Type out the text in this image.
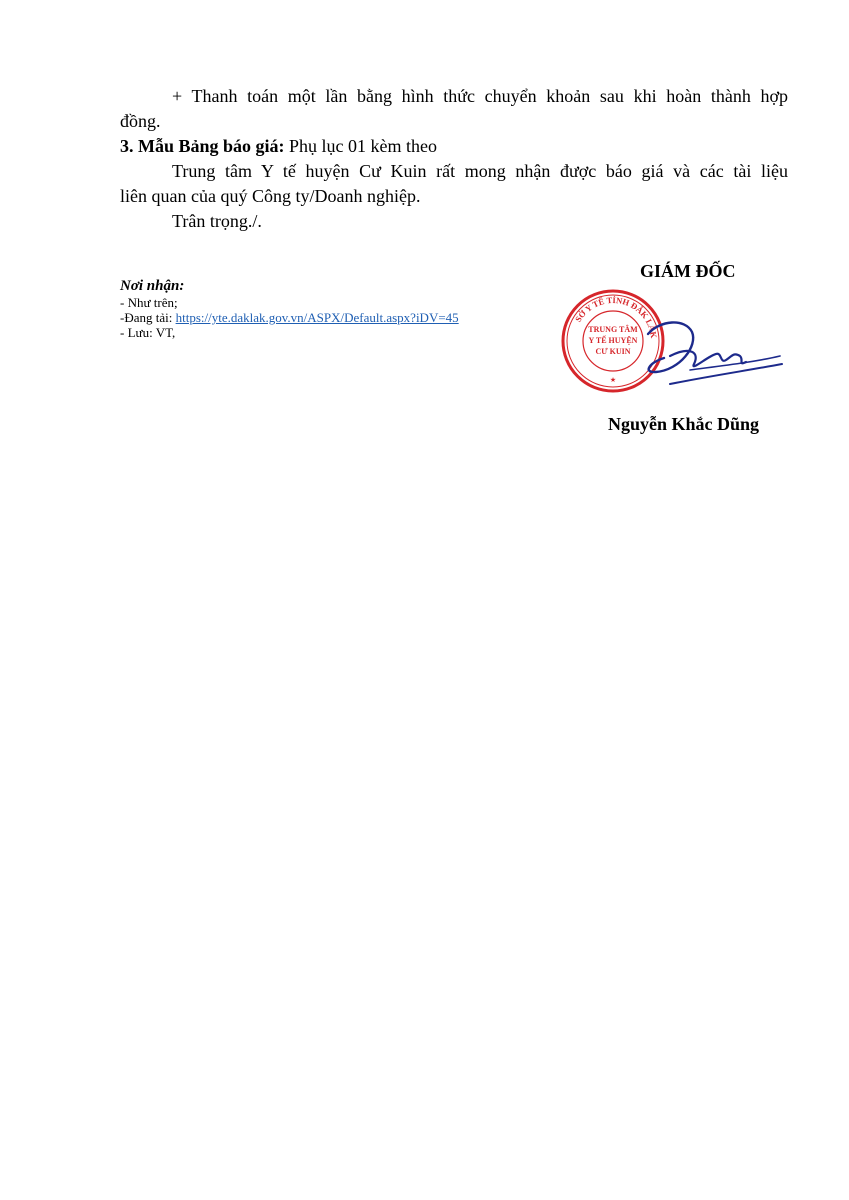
+ Thanh toán một lần bằng hình thức chuyển khoản sau khi hoàn thành hợp
đồng.
3. Mẫu Bảng báo giá: Phụ lục 01 kèm theo
Trung tâm Y tế huyện Cư Kuin rất mong nhận được báo giá và các tài liệu
liên quan của quý Công ty/Doanh nghiệp.
Trân trọng./.
Nơi nhận:
- Như trên;
-Đang tải: https://yte.daklak.gov.vn/ASPX/Default.aspx?iDV=45
- Lưu: VT,
GIÁM ĐỐC
SỞ Y TẾ TỈNH ĐẮK LẮK
TRUNG TÂM
Y TẾ HUYỆN
CƯ KUIN
★
Nguyễn Khắc Dũng
